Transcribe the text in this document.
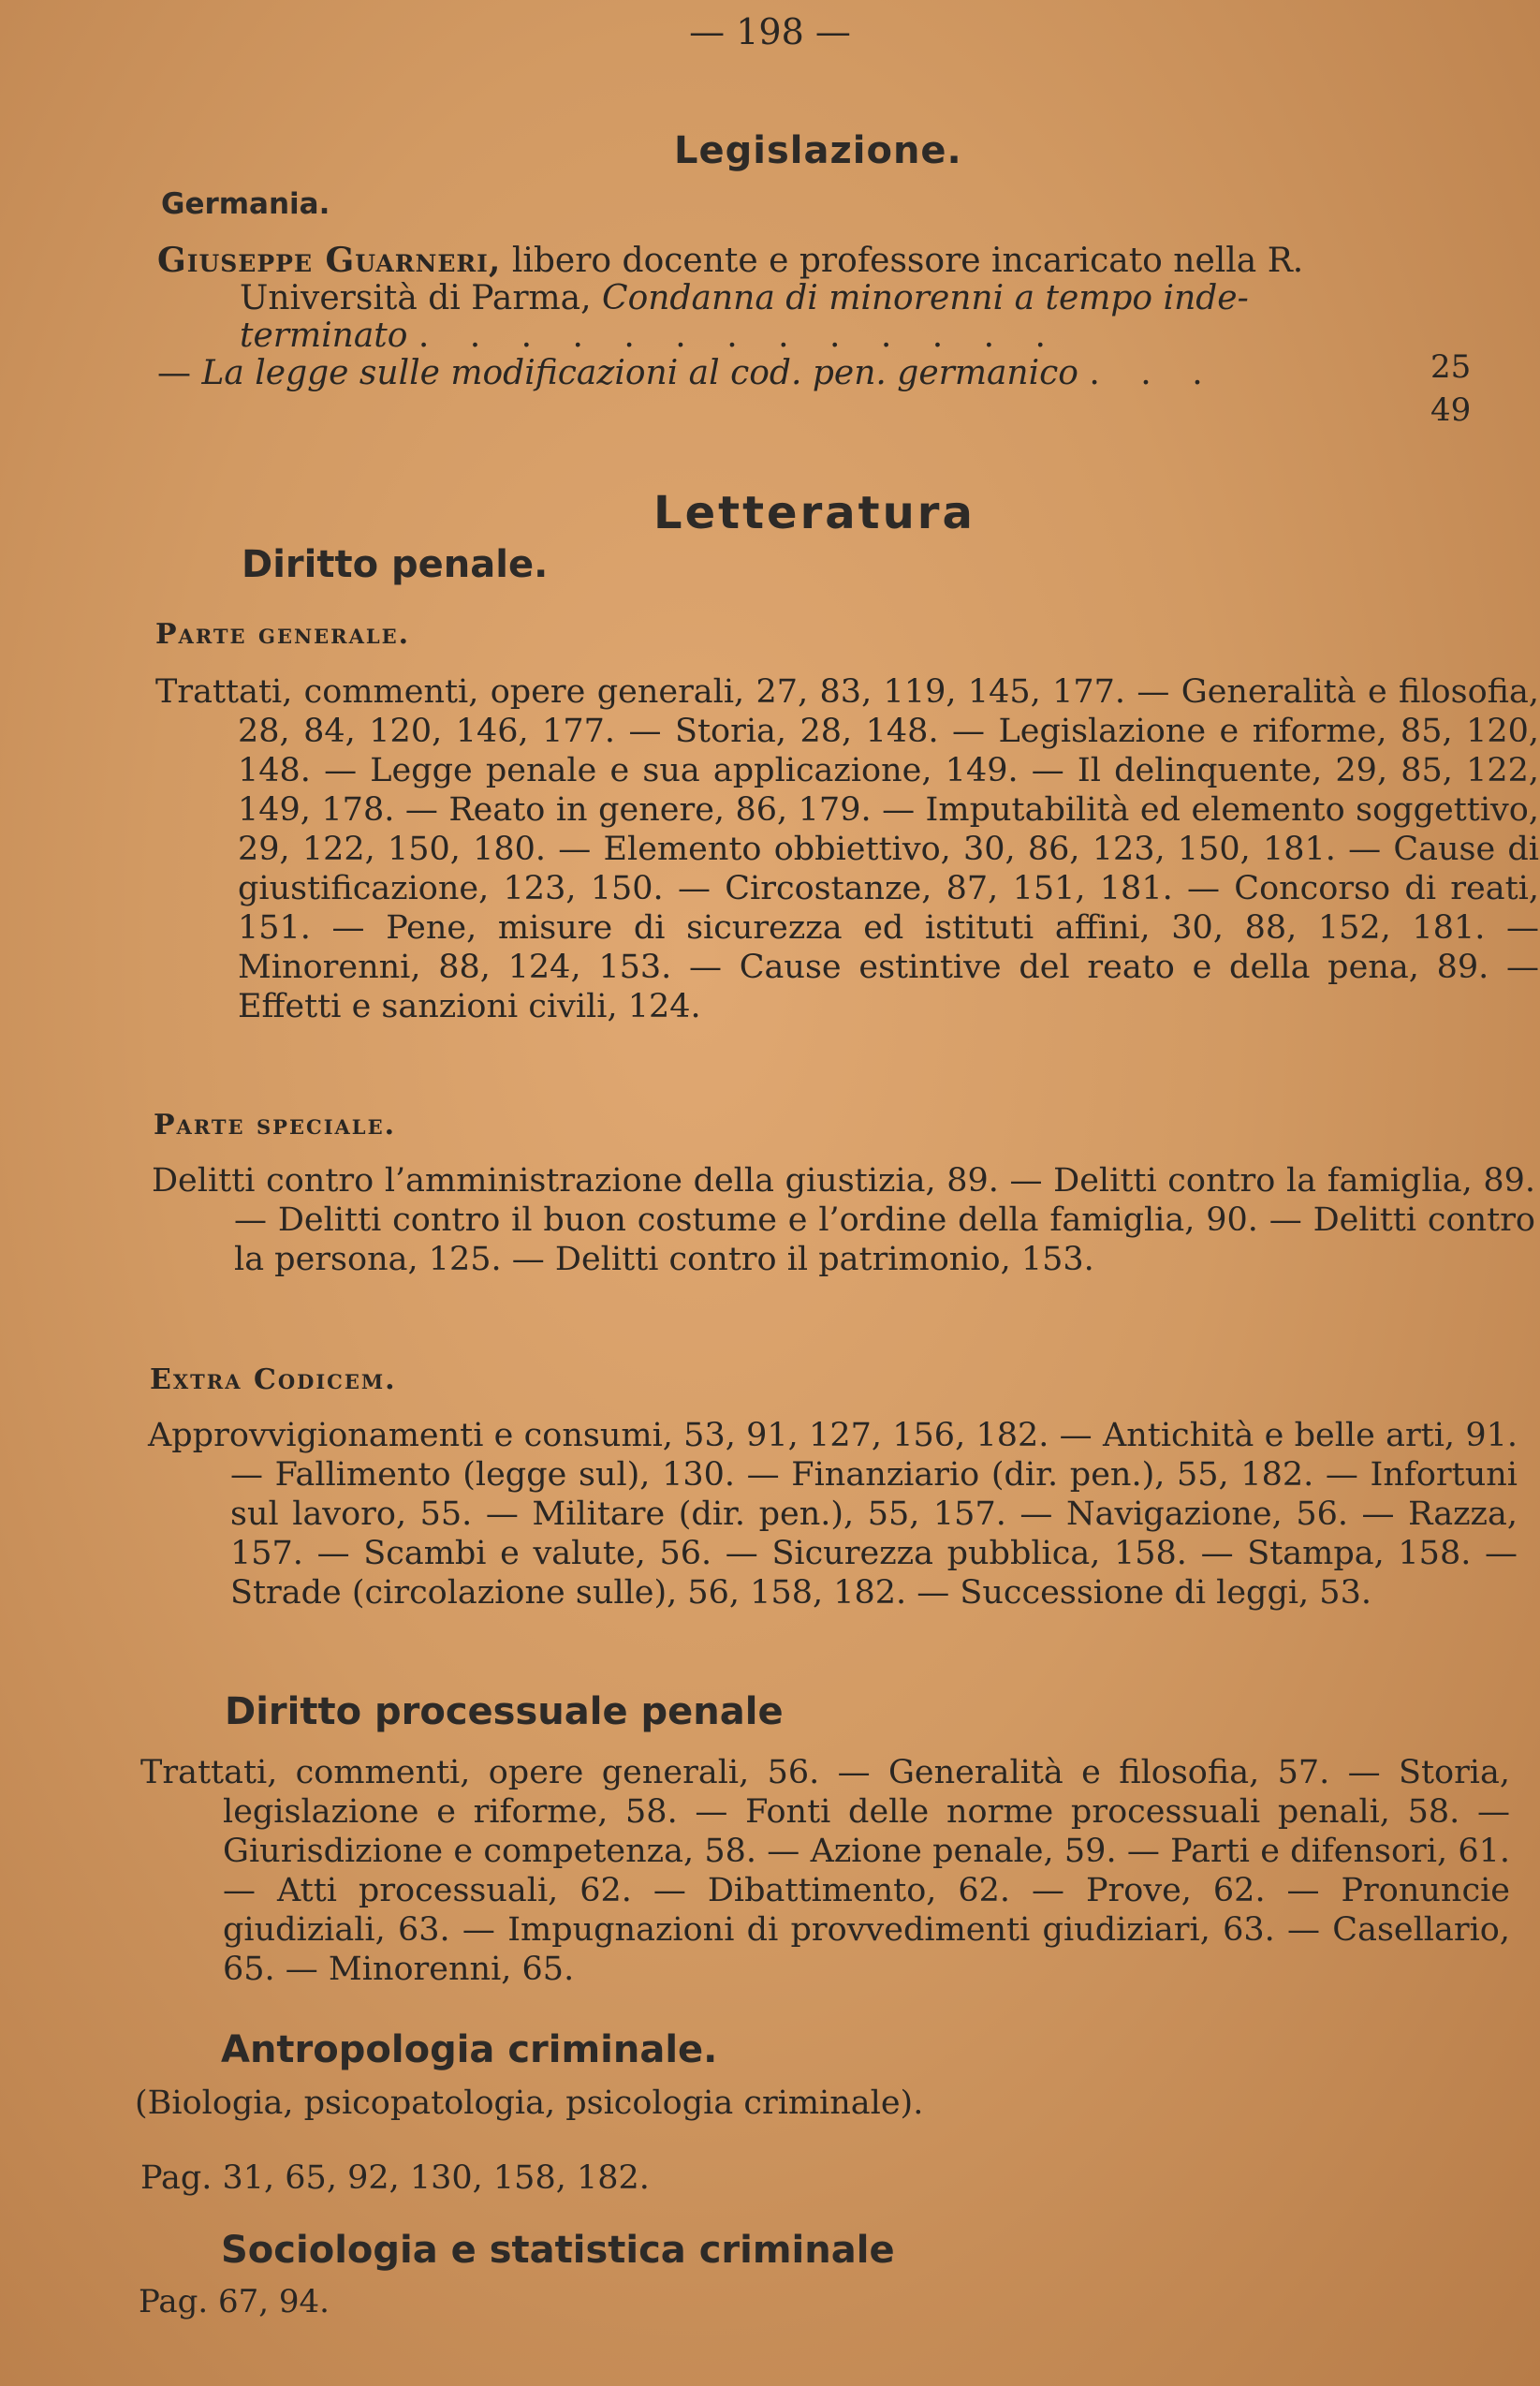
— 198 —
Legislazione.
Germania.
Giuseppe Guarneri, libero docente e professore incaricato nella R.
Università di Parma, Condanna di minorenni a tempo inde-
terminato . . . . . . . . . . . . .
— La legge sulle modificazioni al cod. pen. germanico . . .	25
49
Letteratura
Diritto penale.
Parte generale.
Trattati, commenti, opere generali, 27, 83, 119, 145, 177. — Generalità e filosofia, 28, 84, 120, 146, 177. — Storia, 28, 148. — Legislazione e riforme, 85, 120, 148. — Legge penale e sua applicazione, 149. — Il delinquente, 29, 85, 122, 149, 178. — Reato in genere, 86, 179. — Imputabilità ed elemento soggettivo, 29, 122, 150, 180. — Elemento obbiettivo, 30, 86, 123, 150, 181. — Cause di giustificazione, 123, 150. — Circostanze, 87, 151, 181. — Concorso di reati, 151. — Pene, misure di sicurezza ed istituti affini, 30, 88, 152, 181. — Minorenni, 88, 124, 153. — Cause estintive del reato e della pena, 89. — Effetti e sanzioni civili, 124.
Parte speciale.
Delitti contro l’amministrazione della giustizia, 89. — Delitti contro la famiglia, 89. — Delitti contro il buon costume e l’ordine della famiglia, 90. — Delitti contro la persona, 125. — Delitti contro il patrimonio, 153.
Extra Codicem.
Approvvigionamenti e consumi, 53, 91, 127, 156, 182. — Antichità e belle arti, 91. — Fallimento (legge sul), 130. — Finanziario (dir. pen.), 55, 182. — Infortuni sul lavoro, 55. — Militare (dir. pen.), 55, 157. — Navigazione, 56. — Razza, 157. — Scambi e valute, 56. — Sicurezza pubblica, 158. — Stampa, 158. — Strade (circolazione sulle), 56, 158, 182. — Successione di leggi, 53.
Diritto processuale penale
Trattati, commenti, opere generali, 56. — Generalità e filosofia, 57. — Storia, legislazione e riforme, 58. — Fonti delle norme processuali penali, 58. — Giurisdizione e competenza, 58. — Azione penale, 59. — Parti e difensori, 61. — Atti processuali, 62. — Dibattimento, 62. — Prove, 62. — Pronuncie giudiziali, 63. — Impugnazioni di provvedimenti giudiziari, 63. — Casellario, 65. — Minorenni, 65.
Antropologia criminale.
(Biologia, psicopatologia, psicologia criminale).
Pag. 31, 65, 92, 130, 158, 182.
Sociologia e statistica criminale
Pag. 67, 94.
